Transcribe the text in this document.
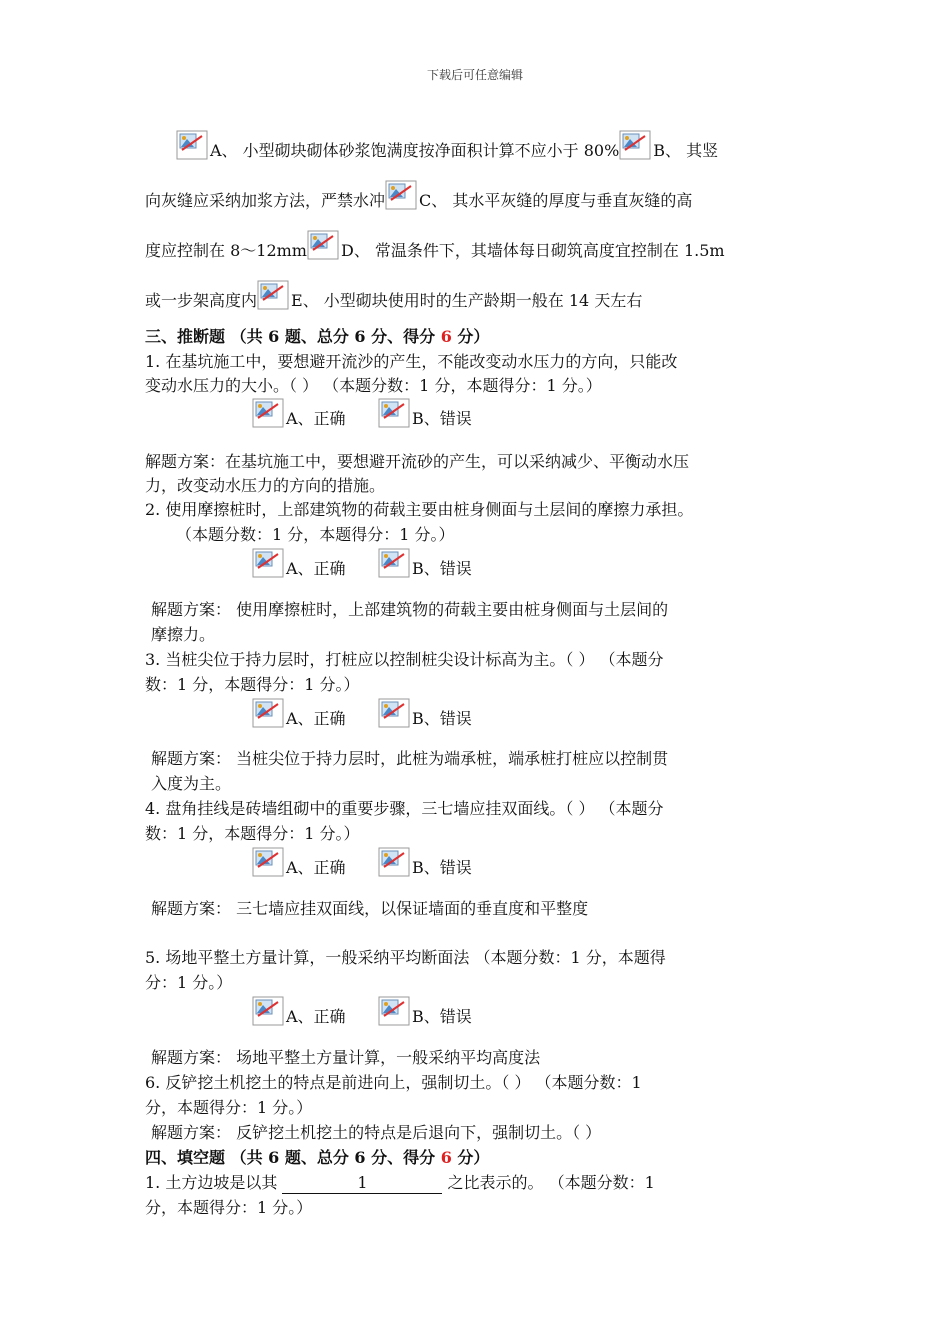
下载后可任意编辑
A、 小型砌块砌体砂浆饱满度按净面积计算不应小于 80% B、 其竖
向灰缝应采纳加浆方法，严禁水冲 C、 其水平灰缝的厚度与垂直灰缝的高
度应控制在 8～12mm D、 常温条件下，其墙体每日砌筑高度宜控制在 1.5m
或一步架高度内 E、 小型砌块使用时的生产龄期一般在 14 天左右
三、推断题 （共 6 题、总分 6 分、得分 6 分）
1. 在基坑施工中，要想避开流沙的产生，不能改变动水压力的方向，只能改
变动水压力的大小。（ ） （本题分数：1 分，本题得分：1 分。）
A、正确	B、错误
解题方案：在基坑施工中，要想避开流砂的产生，可以采纳减少、平衡动水压
力，改变动水压力的方向的措施。
2. 使用摩擦桩时，上部建筑物的荷载主要由桩身侧面与土层间的摩擦力承担。
（本题分数：1 分，本题得分：1 分。）
A、正确	B、错误
解题方案： 使用摩擦桩时，上部建筑物的荷载主要由桩身侧面与土层间的
摩擦力。
3. 当桩尖位于持力层时，打桩应以控制桩尖设计标高为主。（ ） （本题分
数：1 分，本题得分：1 分。）
A、正确	B、错误
解题方案： 当桩尖位于持力层时，此桩为端承桩，端承桩打桩应以控制贯
入度为主。
4. 盘角挂线是砖墙组砌中的重要步骤，三七墙应挂双面线。（ ） （本题分
数：1 分，本题得分：1 分。）
A、正确	B、错误
解题方案： 三七墙应挂双面线，以保证墙面的垂直度和平整度
5. 场地平整土方量计算，一般采纳平均断面法 （本题分数：1 分，本题得
分：1 分。）
A、正确	B、错误
解题方案： 场地平整土方量计算，一般采纳平均高度法
6. 反铲挖土机挖土的特点是前进向上，强制切土。（ ） （本题分数：1
分，本题得分：1 分。）
解题方案： 反铲挖土机挖土的特点是后退向下，强制切土。（ ）
四、填空题 （共 6 题、总分 6 分、得分 6 分）
1. 土方边坡是以其	1	之比表示的。 （本题分数：1
分，本题得分：1 分。）
